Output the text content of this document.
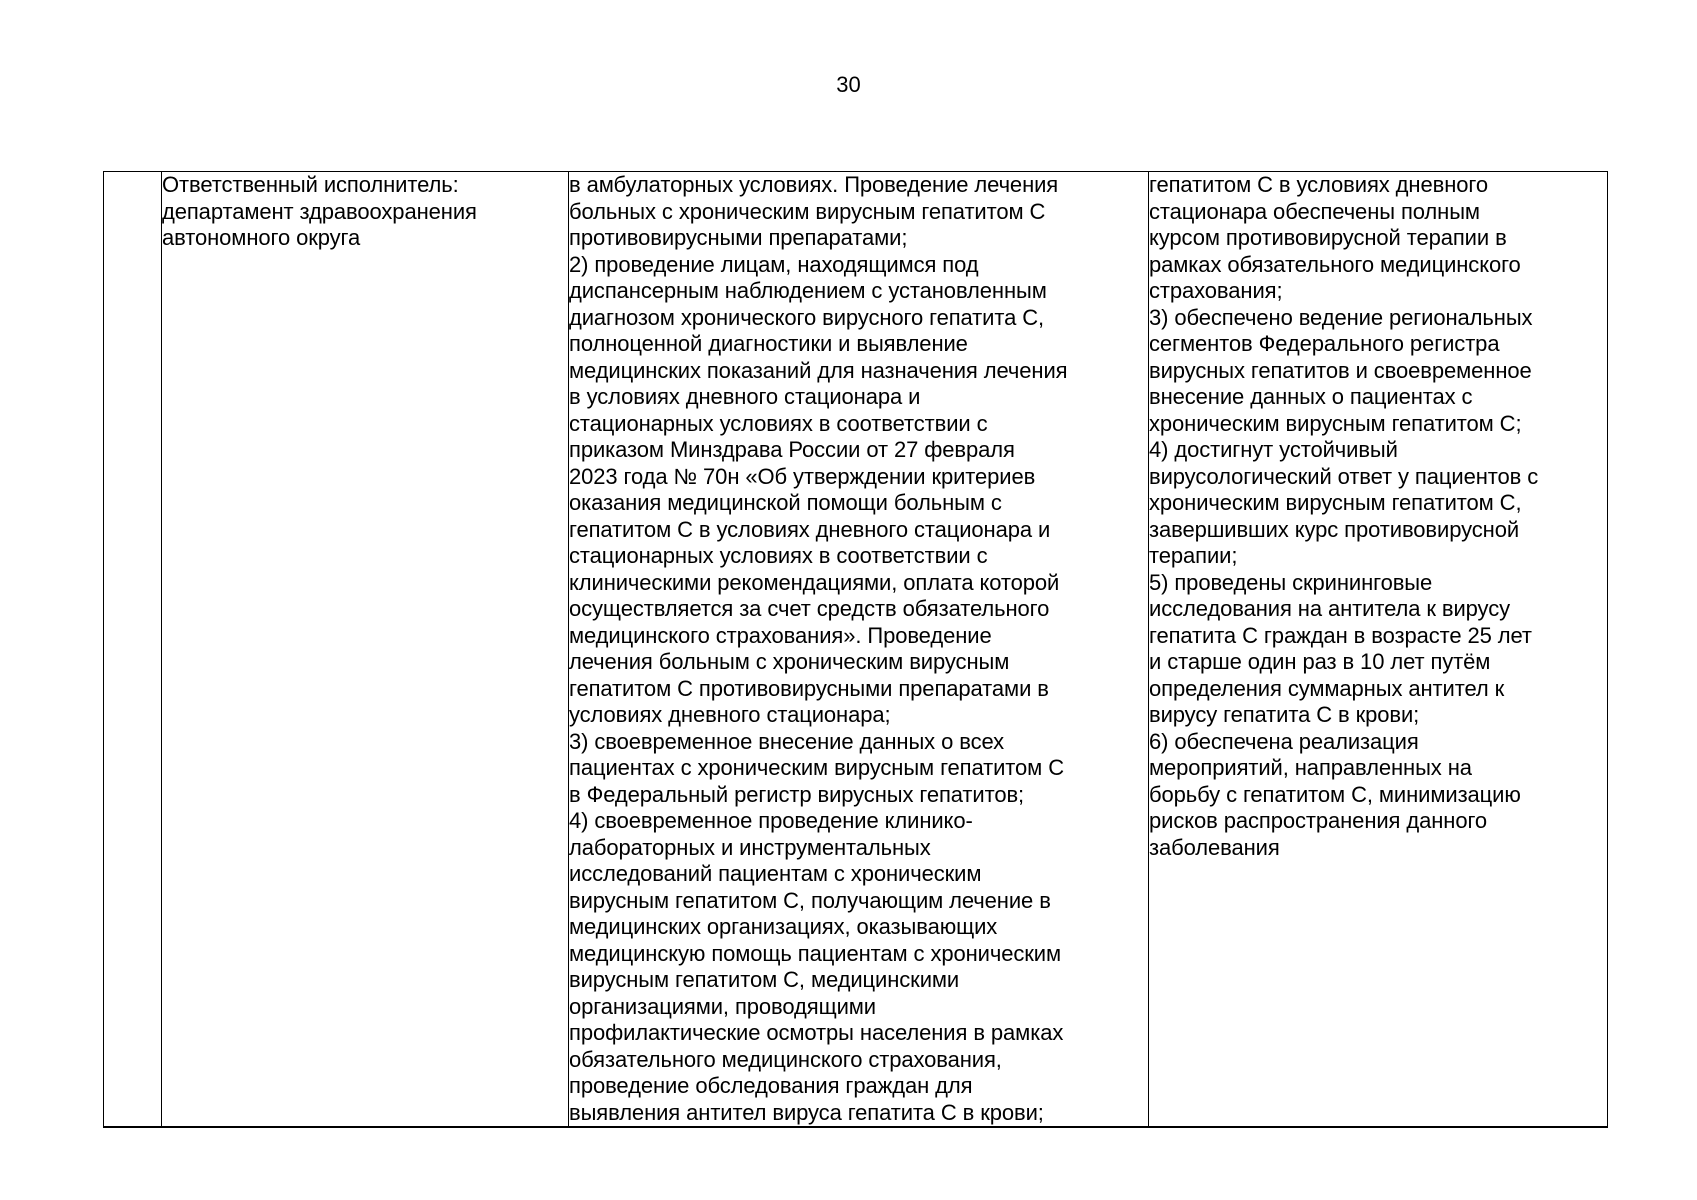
30

Ответственный исполнитель:
департамент здравоохранения
автономного округа

в амбулаторных условиях. Проведение лечения
больных с хроническим вирусным гепатитом С
противовирусными препаратами;
2) проведение лицам, находящимся под
диспансерным наблюдением с установленным
диагнозом хронического вирусного гепатита С,
полноценной диагностики и выявление
медицинских показаний для назначения лечения
в условиях дневного стационара и
стационарных условиях в соответствии с
приказом Минздрава России от 27 февраля
2023 года № 70н «Об утверждении критериев
оказания медицинской помощи больным с
гепатитом С в условиях дневного стационара и
стационарных условиях в соответствии с
клиническими рекомендациями, оплата которой
осуществляется за счет средств обязательного
медицинского страхования». Проведение
лечения больным с хроническим вирусным
гепатитом С противовирусными препаратами в
условиях дневного стационара;
3) своевременное внесение данных о всех
пациентах с хроническим вирусным гепатитом С
в Федеральный регистр вирусных гепатитов;
4) своевременное проведение клинико-
лабораторных и инструментальных
исследований пациентам с хроническим
вирусным гепатитом С, получающим лечение в
медицинских организациях, оказывающих
медицинскую помощь пациентам с хроническим
вирусным гепатитом С, медицинскими
организациями, проводящими
профилактические осмотры населения в рамках
обязательного медицинского страхования,
проведение обследования граждан для
выявления антител вируса гепатита С в крови;

гепатитом С в условиях дневного
стационара обеспечены полным
курсом противовирусной терапии в
рамках обязательного медицинского
страхования;
3) обеспечено ведение региональных
сегментов Федерального регистра
вирусных гепатитов и своевременное
внесение данных о пациентах с
хроническим вирусным гепатитом С;
4) достигнут устойчивый
вирусологический ответ у пациентов с
хроническим вирусным гепатитом С,
завершивших курс противовирусной
терапии;
5) проведены скрининговые
исследования на антитела к вирусу
гепатита С граждан в возрасте 25 лет
и старше один раз в 10 лет путём
определения суммарных антител к
вирусу гепатита С в крови;
6) обеспечена реализация
мероприятий, направленных на
борьбу с гепатитом С, минимизацию
рисков распространения данного
заболевания
